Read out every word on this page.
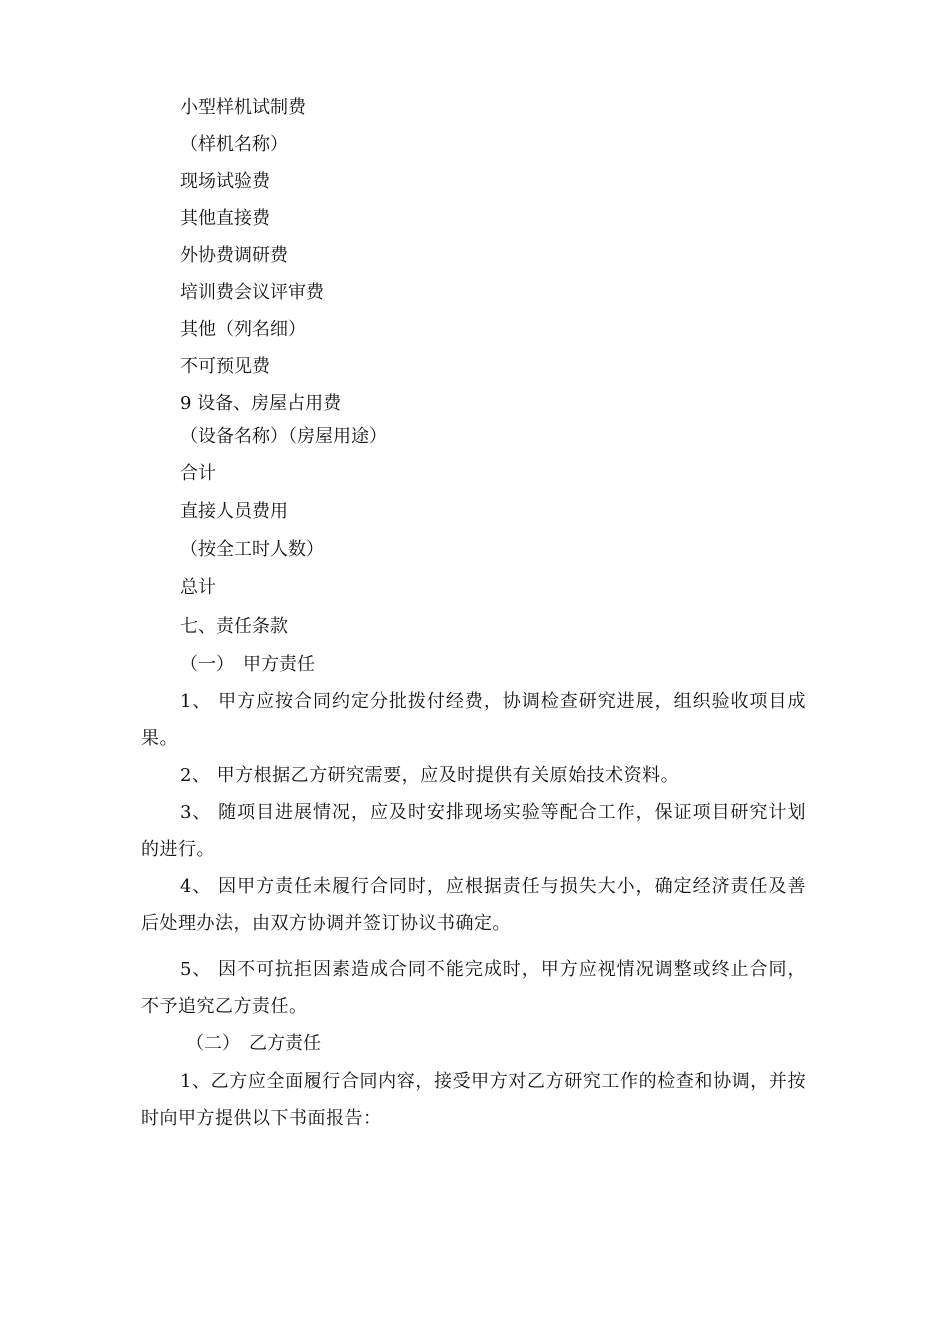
小型样机试制费
（样机名称）
现场试验费
其他直接费
外协费调研费
培训费会议评审费
其他（列名细）
不可预见费
9 设备、房屋占用费
（设备名称）（房屋用途）
合计
直接人员费用
（按全工时人数）
总计
七、责任条款
（一）　甲方责任
1、 甲方应按合同约定分批拨付经费，协调检查研究进展，组织验收项目成 果。
2、 甲方根据乙方研究需要，应及时提供有关原始技术资料。
3、 随项目进展情况，应及时安排现场实验等配合工作，保证项目研究计划 的进行。
4、 因甲方责任未履行合同时，应根据责任与损失大小，确定经济责任及善 后处理办法，由双方协调并签订协议书确定。
5、 因不可抗拒因素造成合同不能完成时，甲方应视情况调整或终止合同， 不予追究乙方责任。
（二）　乙方责任
1、乙方应全面履行合同内容，接受甲方对乙方研究工作的检查和协调，并按时向甲方提供以下书面报告：
